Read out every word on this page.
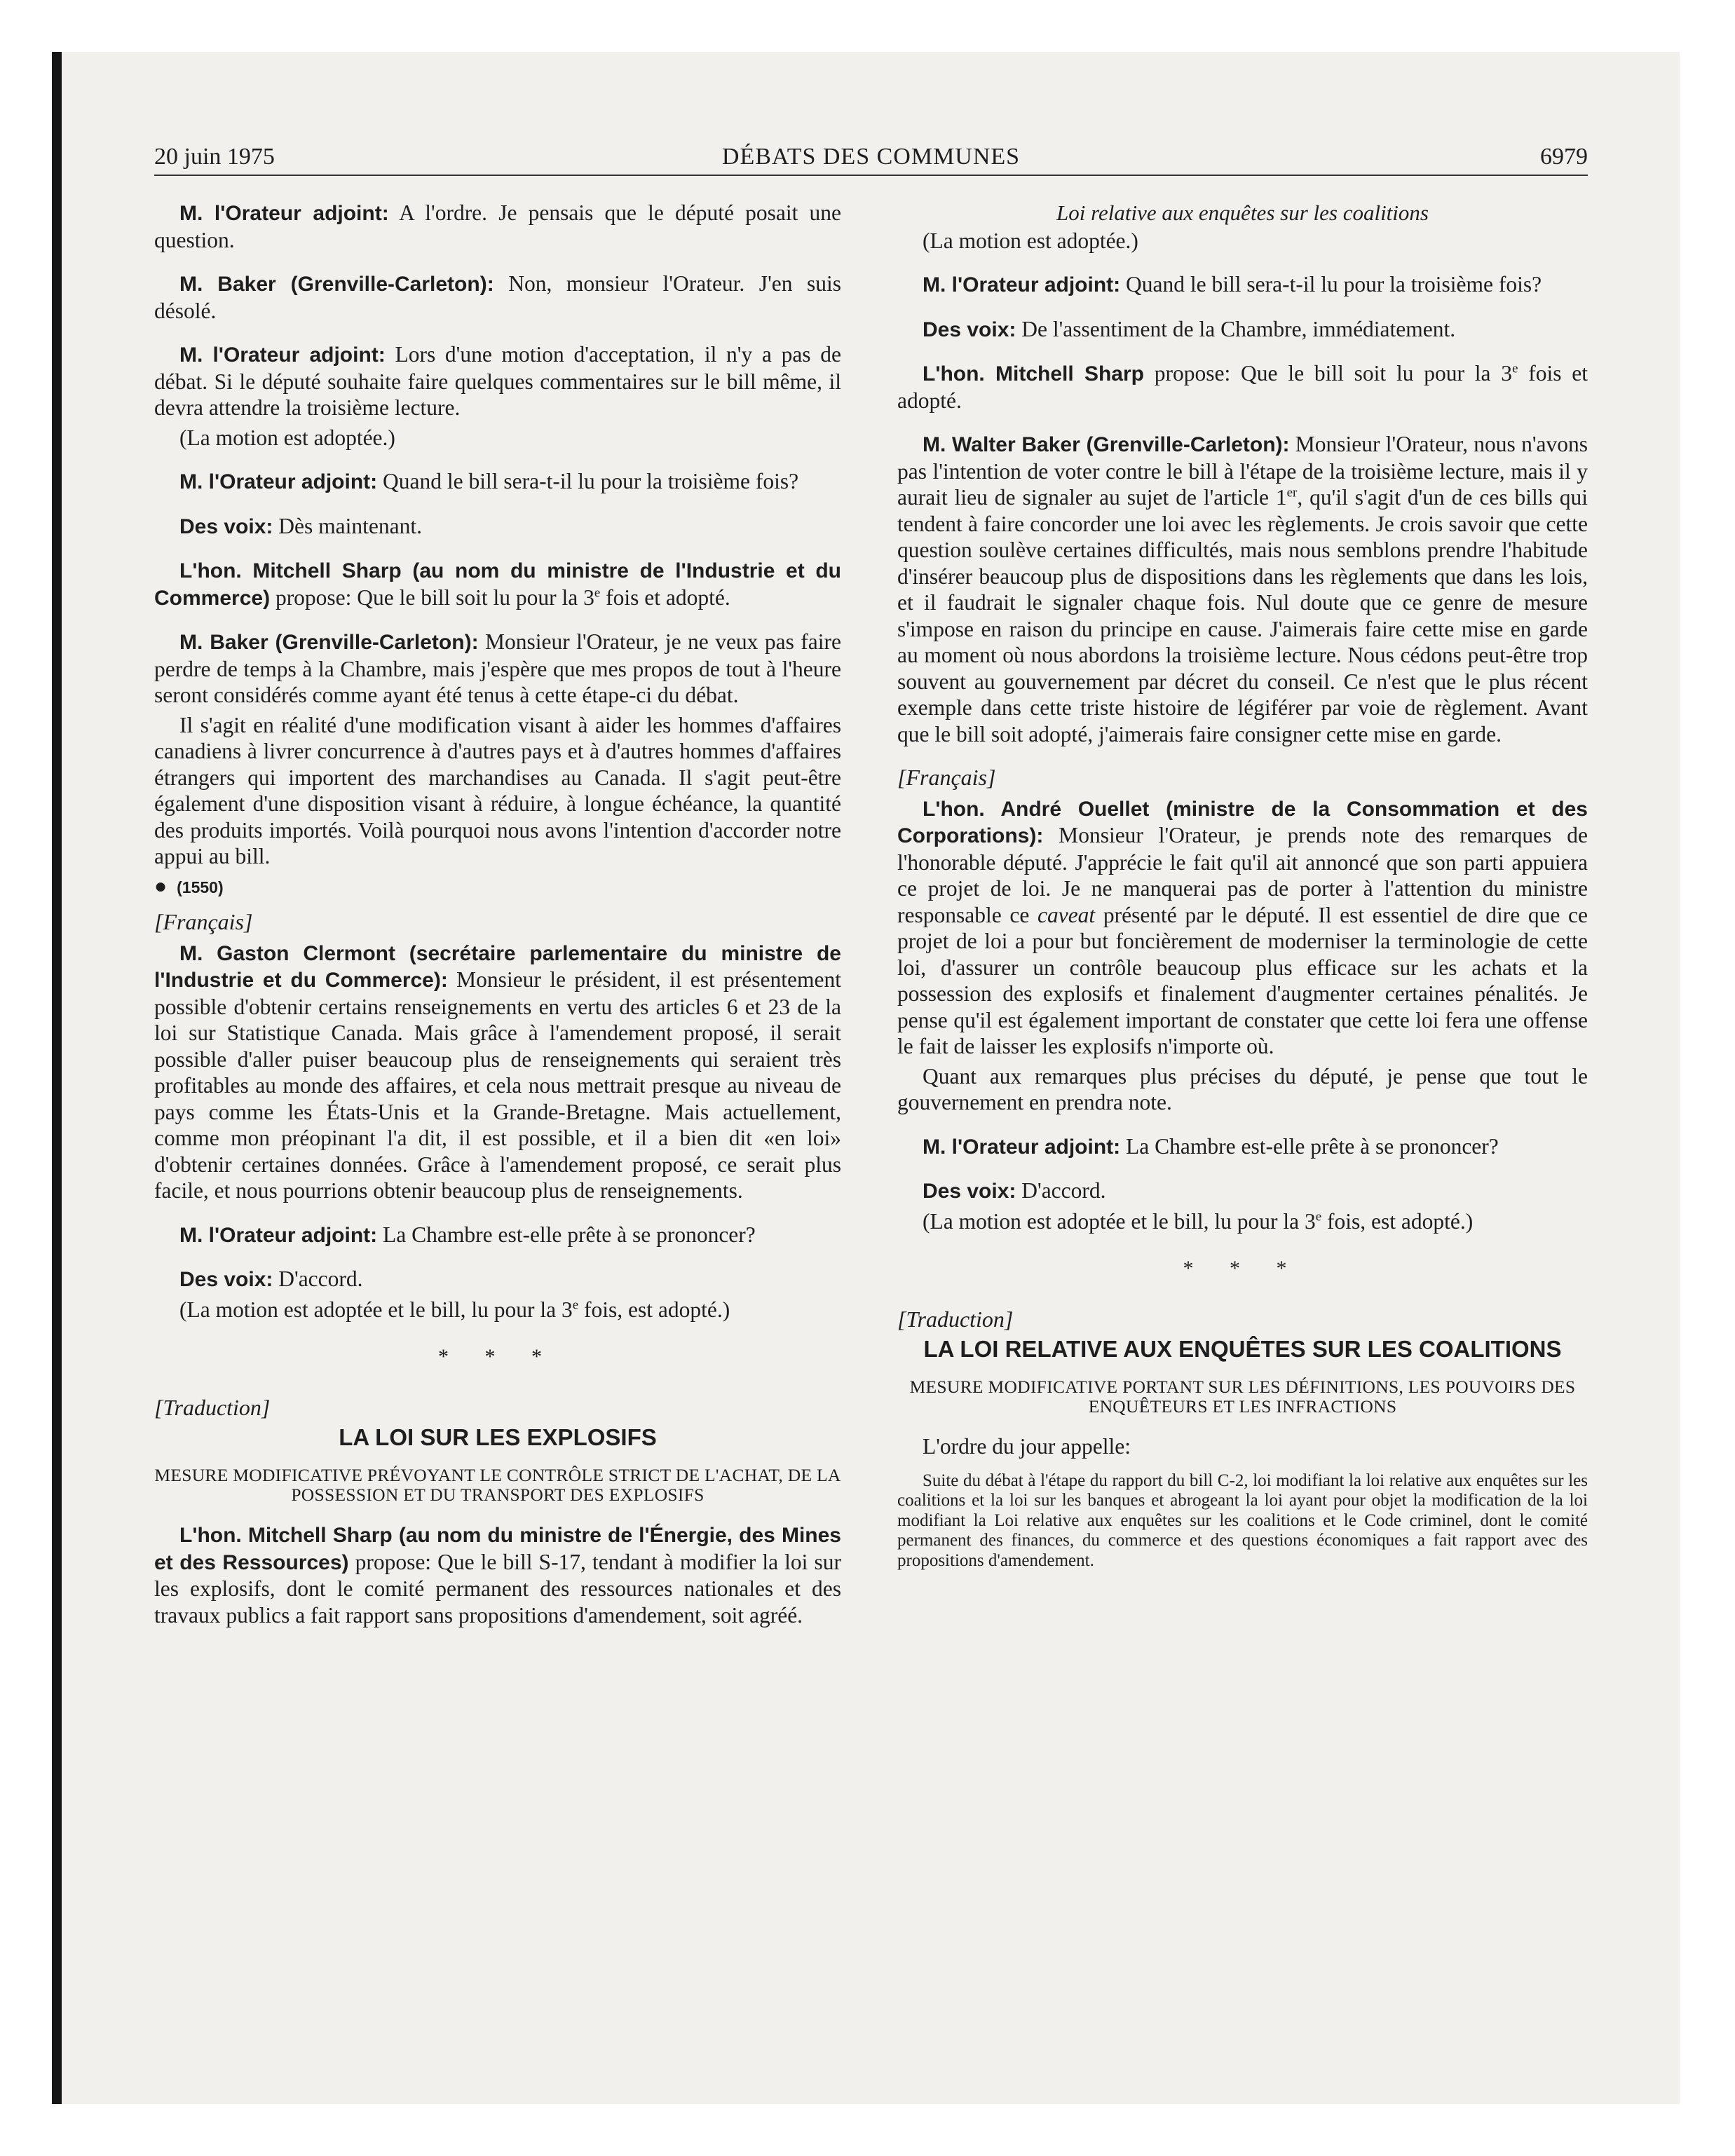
20 juin 1975	DÉBATS DES COMMUNES	6979

M. l'Orateur adjoint: A l'ordre. Je pensais que le député posait une question.

M. Baker (Grenville-Carleton): Non, monsieur l'Orateur. J'en suis désolé.

M. l'Orateur adjoint: Lors d'une motion d'acceptation, il n'y a pas de débat. Si le député souhaite faire quelques commentaires sur le bill même, il devra attendre la troisième lecture.

(La motion est adoptée.)

M. l'Orateur adjoint: Quand le bill sera-t-il lu pour la troisième fois?

Des voix: Dès maintenant.

L'hon. Mitchell Sharp (au nom du ministre de l'Industrie et du Commerce) propose: Que le bill soit lu pour la 3e fois et adopté.

M. Baker (Grenville-Carleton): Monsieur l'Orateur, je ne veux pas faire perdre de temps à la Chambre, mais j'espère que mes propos de tout à l'heure seront considérés comme ayant été tenus à cette étape-ci du débat.

Il s'agit en réalité d'une modification visant à aider les hommes d'affaires canadiens à livrer concurrence à d'autres pays et à d'autres hommes d'affaires étrangers qui importent des marchandises au Canada. Il s'agit peut-être également d'une disposition visant à réduire, à longue échéance, la quantité des produits importés. Voilà pourquoi nous avons l'intention d'accorder notre appui au bill.

● (1550)
[Français]

M. Gaston Clermont (secrétaire parlementaire du ministre de l'Industrie et du Commerce): Monsieur le président, il est présentement possible d'obtenir certains renseignements en vertu des articles 6 et 23 de la loi sur Statistique Canada. Mais grâce à l'amendement proposé, il serait possible d'aller puiser beaucoup plus de renseignements qui seraient très profitables au monde des affaires, et cela nous mettrait presque au niveau de pays comme les États-Unis et la Grande-Bretagne. Mais actuellement, comme mon préopinant l'a dit, il est possible, et il a bien dit «en loi» d'obtenir certaines données. Grâce à l'amendement proposé, ce serait plus facile, et nous pourrions obtenir beaucoup plus de renseignements.

M. l'Orateur adjoint: La Chambre est-elle prête à se prononcer?

Des voix: D'accord.

(La motion est adoptée et le bill, lu pour la 3e fois, est adopté.)

* * *
[Traduction]
LA LOI SUR LES EXPLOSIFS
MESURE MODIFICATIVE PRÉVOYANT LE CONTRÔLE STRICT DE L'ACHAT, DE LA POSSESSION ET DU TRANSPORT DES EXPLOSIFS

L'hon. Mitchell Sharp (au nom du ministre de l'Énergie, des Mines et des Ressources) propose: Que le bill S-17, tendant à modifier la loi sur les explosifs, dont le comité permanent des ressources nationales et des travaux publics a fait rapport sans propositions d'amendement, soit agréé.

Loi relative aux enquêtes sur les coalitions

(La motion est adoptée.)

M. l'Orateur adjoint: Quand le bill sera-t-il lu pour la troisième fois?

Des voix: De l'assentiment de la Chambre, immédiatement.

L'hon. Mitchell Sharp propose: Que le bill soit lu pour la 3e fois et adopté.

M. Walter Baker (Grenville-Carleton): Monsieur l'Orateur, nous n'avons pas l'intention de voter contre le bill à l'étape de la troisième lecture, mais il y aurait lieu de signaler au sujet de l'article 1er, qu'il s'agit d'un de ces bills qui tendent à faire concorder une loi avec les règlements. Je crois savoir que cette question soulève certaines difficultés, mais nous semblons prendre l'habitude d'insérer beaucoup plus de dispositions dans les règlements que dans les lois, et il faudrait le signaler chaque fois. Nul doute que ce genre de mesure s'impose en raison du principe en cause. J'aimerais faire cette mise en garde au moment où nous abordons la troisième lecture. Nous cédons peut-être trop souvent au gouvernement par décret du conseil. Ce n'est que le plus récent exemple dans cette triste histoire de légiférer par voie de règlement. Avant que le bill soit adopté, j'aimerais faire consigner cette mise en garde.

[Français]

L'hon. André Ouellet (ministre de la Consommation et des Corporations): Monsieur l'Orateur, je prends note des remarques de l'honorable député. J'apprécie le fait qu'il ait annoncé que son parti appuiera ce projet de loi. Je ne manquerai pas de porter à l'attention du ministre responsable ce caveat présenté par le député. Il est essentiel de dire que ce projet de loi a pour but foncièrement de moderniser la terminologie de cette loi, d'assurer un contrôle beaucoup plus efficace sur les achats et la possession des explosifs et finalement d'augmenter certaines pénalités. Je pense qu'il est également important de constater que cette loi fera une offense le fait de laisser les explosifs n'importe où.

Quant aux remarques plus précises du député, je pense que tout le gouvernement en prendra note.

M. l'Orateur adjoint: La Chambre est-elle prête à se prononcer?

Des voix: D'accord.

(La motion est adoptée et le bill, lu pour la 3e fois, est adopté.)

* * *
[Traduction]
LA LOI RELATIVE AUX ENQUÊTES SUR LES COALITIONS
MESURE MODIFICATIVE PORTANT SUR LES DÉFINITIONS, LES POUVOIRS DES ENQUÊTEURS ET LES INFRACTIONS

L'ordre du jour appelle:

Suite du débat à l'étape du rapport du bill C-2, loi modifiant la loi relative aux enquêtes sur les coalitions et la loi sur les banques et abrogeant la loi ayant pour objet la modification de la loi modifiant la Loi relative aux enquêtes sur les coalitions et le Code criminel, dont le comité permanent des finances, du commerce et des questions économiques a fait rapport avec des propositions d'amendement.
